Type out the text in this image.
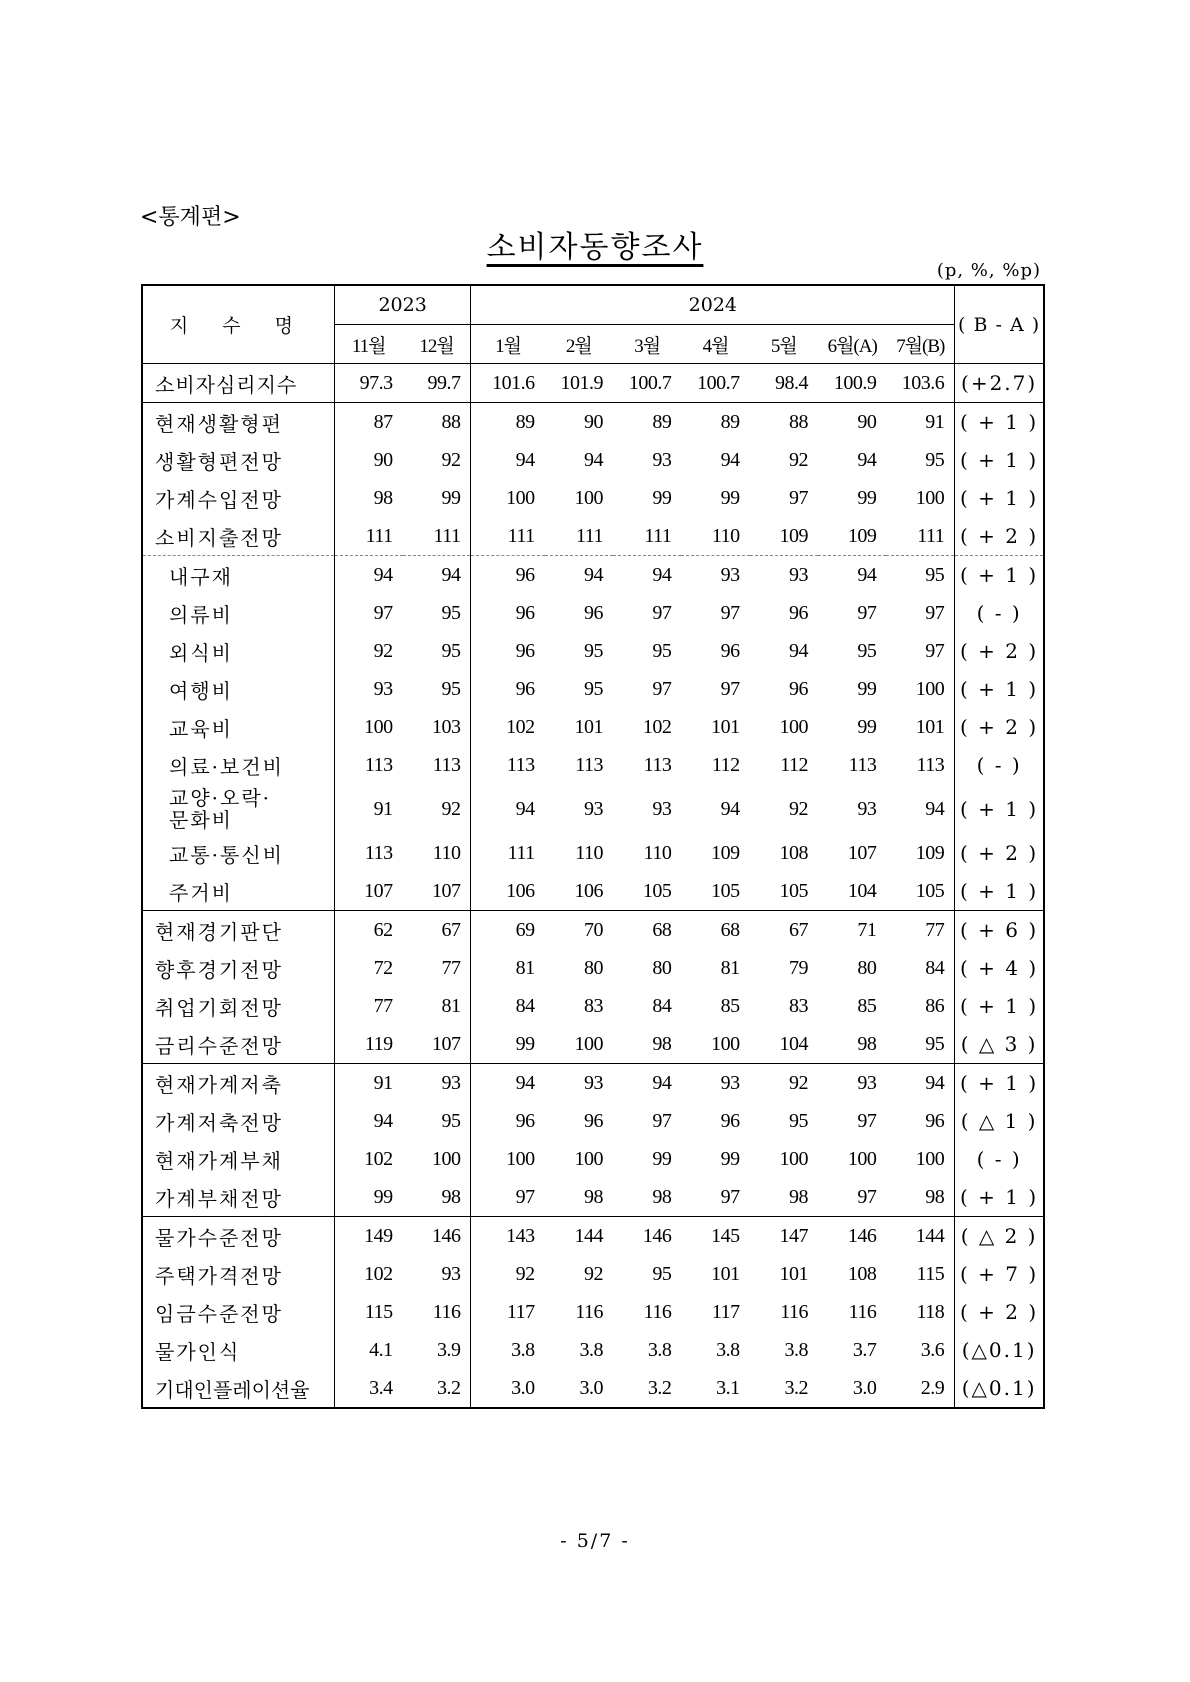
<통계편>
소비자동향조사
(p, %, %p)
지 수 명	2023		2024							( B - A )
	11월	12월	1월	2월	3월	4월	5월	6월(A)	7월(B)	
소비자심리지수	97.3	99.7	101.6	101.9	100.7	100.7	98.4	100.9	103.6	(+2.7)
현재생활형편	87	88	89	90	89	89	88	90	91	( + 1 )
생활형편전망	90	92	94	94	93	94	92	94	95	( + 1 )
가계수입전망	98	99	100	100	99	99	97	99	100	( + 1 )
소비지출전망	111	111	111	111	111	110	109	109	111	( + 2 )
내구재	94	94	96	94	94	93	93	94	95	( + 1 )
의류비	97	95	96	96	97	97	96	97	97	( - )
외식비	92	95	96	95	95	96	94	95	97	( + 2 )
여행비	93	95	96	95	97	97	96	99	100	( + 1 )
교육비	100	103	102	101	102	101	100	99	101	( + 2 )
의료·보건비	113	113	113	113	113	112	112	113	113	( - )

교양·오락·
문화비	91	92	94	93	93	94	92	93	94	( + 1 )
교통·통신비	113	110	111	110	110	109	108	107	109	( + 2 )
주거비	107	107	106	106	105	105	105	104	105	( + 1 )
현재경기판단	62	67	69	70	68	68	67	71	77	( + 6 )
향후경기전망	72	77	81	80	80	81	79	80	84	( + 4 )
취업기회전망	77	81	84	83	84	85	83	85	86	( + 1 )
금리수준전망	119	107	99	100	98	100	104	98	95	( △ 3 )
현재가계저축	91	93	94	93	94	93	92	93	94	( + 1 )
가계저축전망	94	95	96	96	97	96	95	97	96	( △ 1 )
현재가계부채	102	100	100	100	99	99	100	100	100	( - )
가계부채전망	99	98	97	98	98	97	98	97	98	( + 1 )
물가수준전망	149	146	143	144	146	145	147	146	144	( △ 2 )
주택가격전망	102	93	92	92	95	101	101	108	115	( + 7 )
임금수준전망	115	116	117	116	116	117	116	116	118	( + 2 )
물가인식	4.1	3.9	3.8	3.8	3.8	3.8	3.8	3.7	3.6	(△0.1)
기대인플레이션율	3.4	3.2	3.0	3.0	3.2	3.1	3.2	3.0	2.9	(△0.1)
- 5/7 -
